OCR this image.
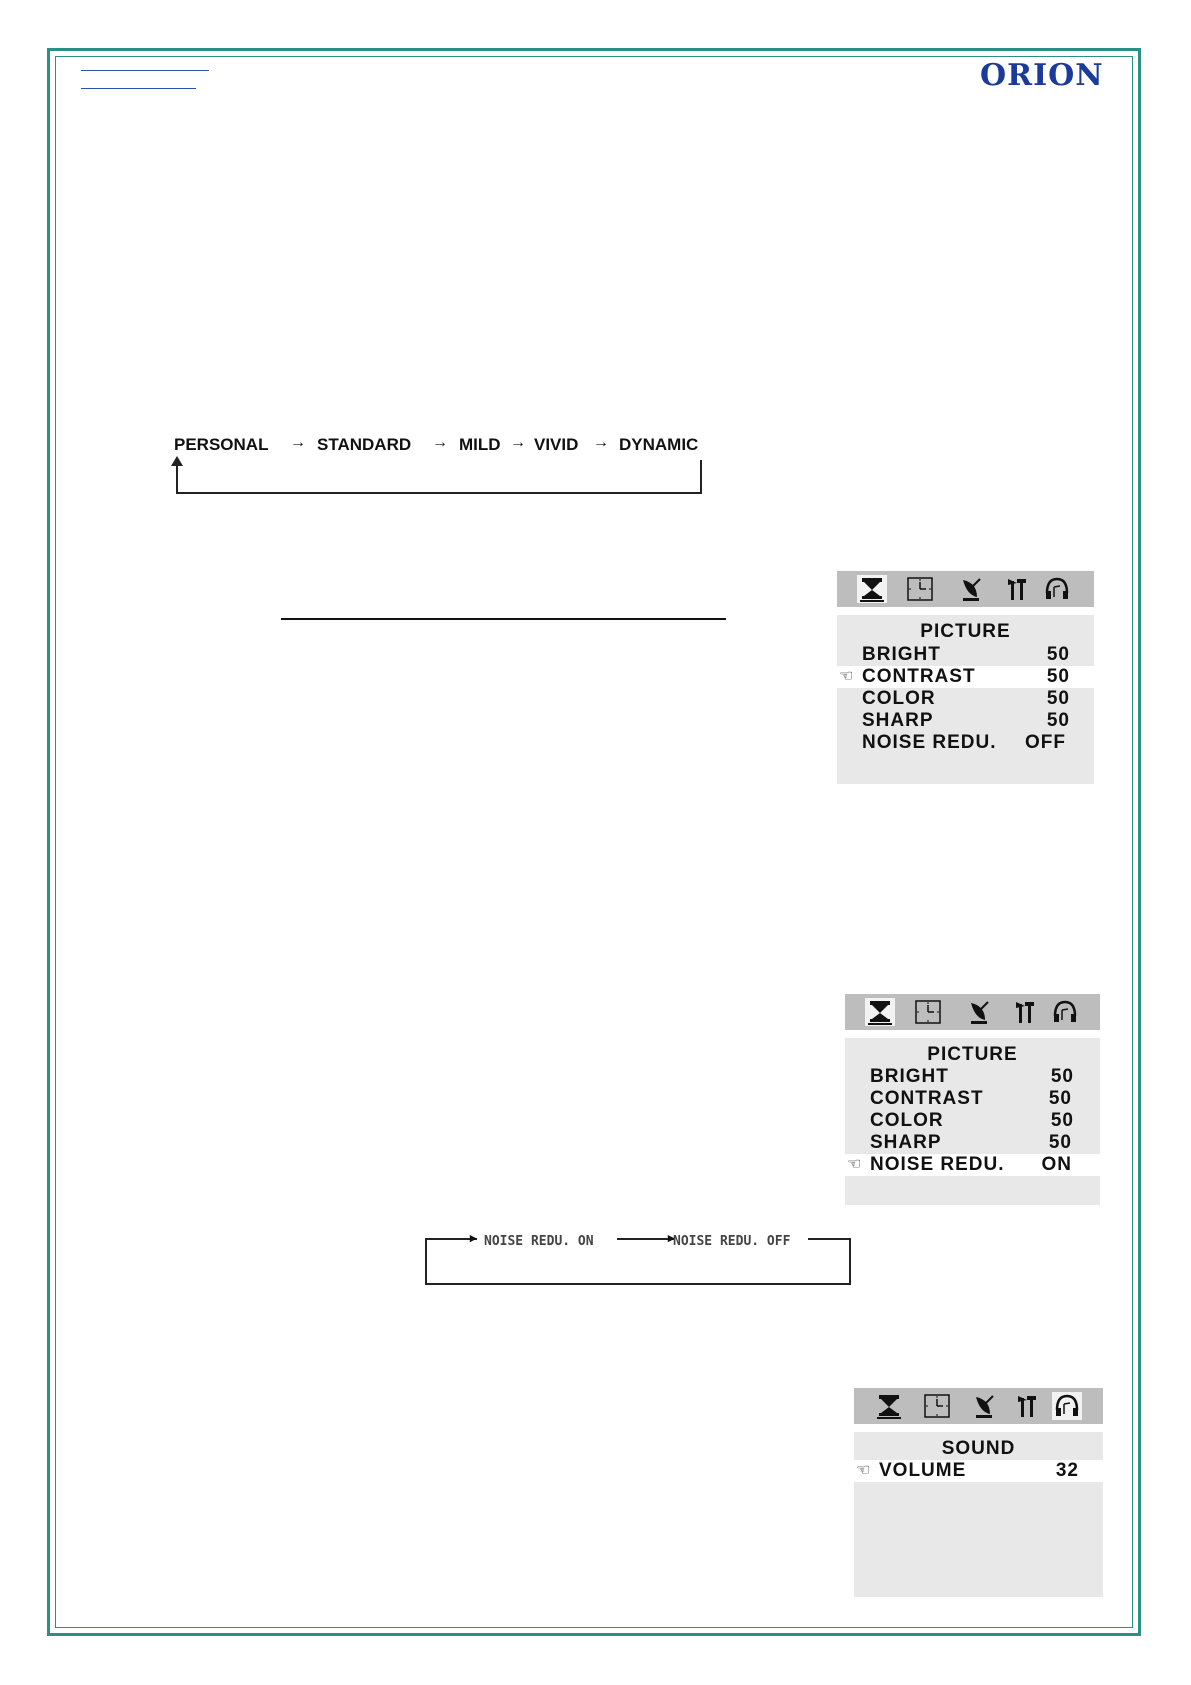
ORION
PERSONAL → STANDARD → MILD → VIVID → DYNAMIC
PICTURE
BRIGHT	50
☜ CONTRAST	50
COLOR	50
SHARP	50
NOISE REDU. OFF
PICTURE
BRIGHT	50
CONTRAST	50
COLOR	50
SHARP	50
☜ NOISE REDU. ON
▸ NOISE REDU. ON	▸
NOISE REDU. OFF
SOUND
☜ VOLUME	32
